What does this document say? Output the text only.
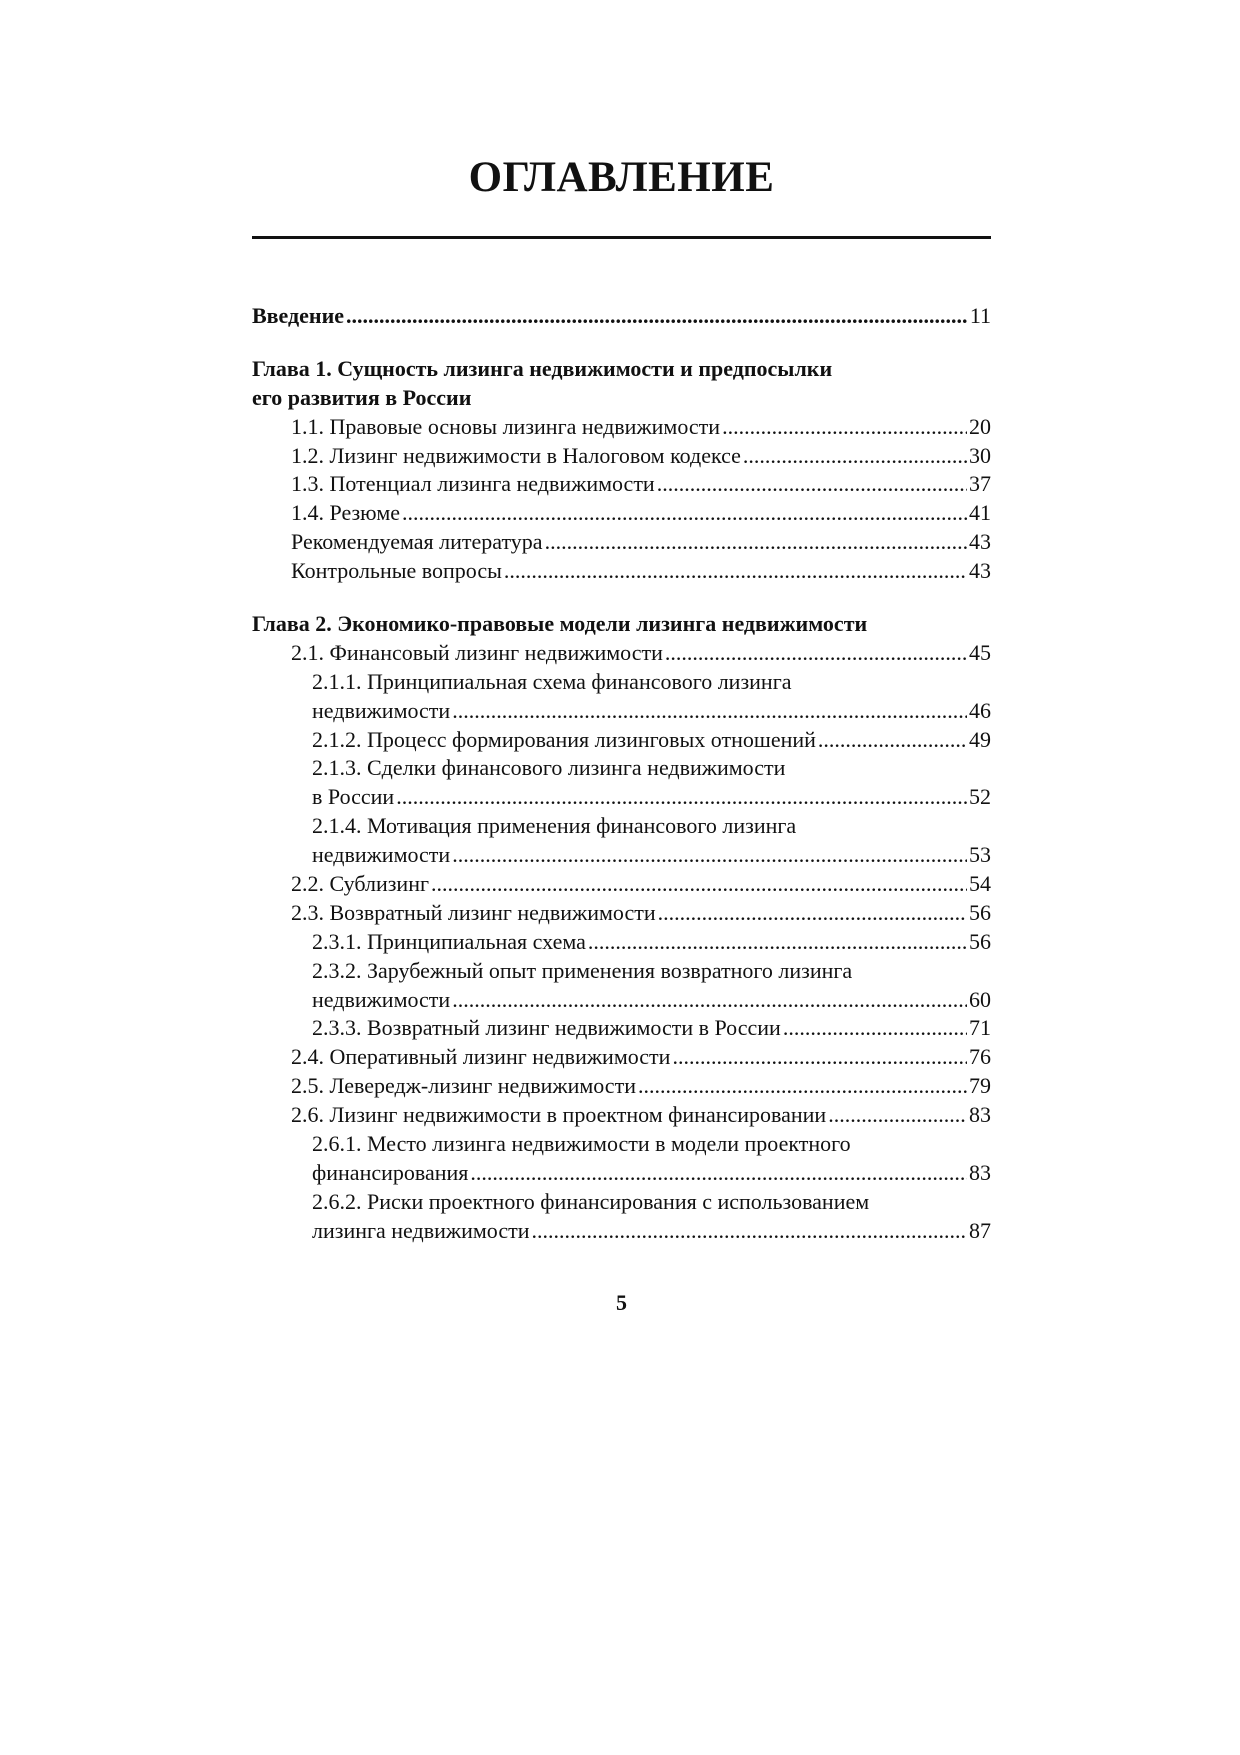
ОГЛАВЛЕНИЕ
Введение .....	11
Глава 1. Сущность лизинга недвижимости и предпосылки
его развития в России
1.1. Правовые основы лизинга недвижимости .....	20
1.2. Лизинг недвижимости в Налоговом кодексе .....	30
1.3. Потенциал лизинга недвижимости .....	37
1.4. Резюме .....	41
Рекомендуемая литература .....	43
Контрольные вопросы .....	43
Глава 2. Экономико-правовые модели лизинга недвижимости
2.1. Финансовый лизинг недвижимости .....	45
2.1.1. Принципиальная схема финансового лизинга
недвижимости .....	46
2.1.2. Процесс формирования лизинговых отношений .....	49
2.1.3. Сделки финансового лизинга недвижимости
в России .....	52
2.1.4. Мотивация применения финансового лизинга
недвижимости .....	53
2.2. Сублизинг .....	54
2.3. Возвратный лизинг недвижимости .....	56
2.3.1. Принципиальная схема .....	56
2.3.2. Зарубежный опыт применения возвратного лизинга
недвижимости .....	60
2.3.3. Возвратный лизинг недвижимости в России .....	71
2.4. Оперативный лизинг недвижимости .....	76
2.5. Левередж-лизинг недвижимости .....	79
2.6. Лизинг недвижимости в проектном финансировании .....	83
2.6.1. Место лизинга недвижимости в модели проектного
финансирования .....	83
2.6.2. Риски проектного финансирования с использованием
лизинга недвижимости .....	87
5
